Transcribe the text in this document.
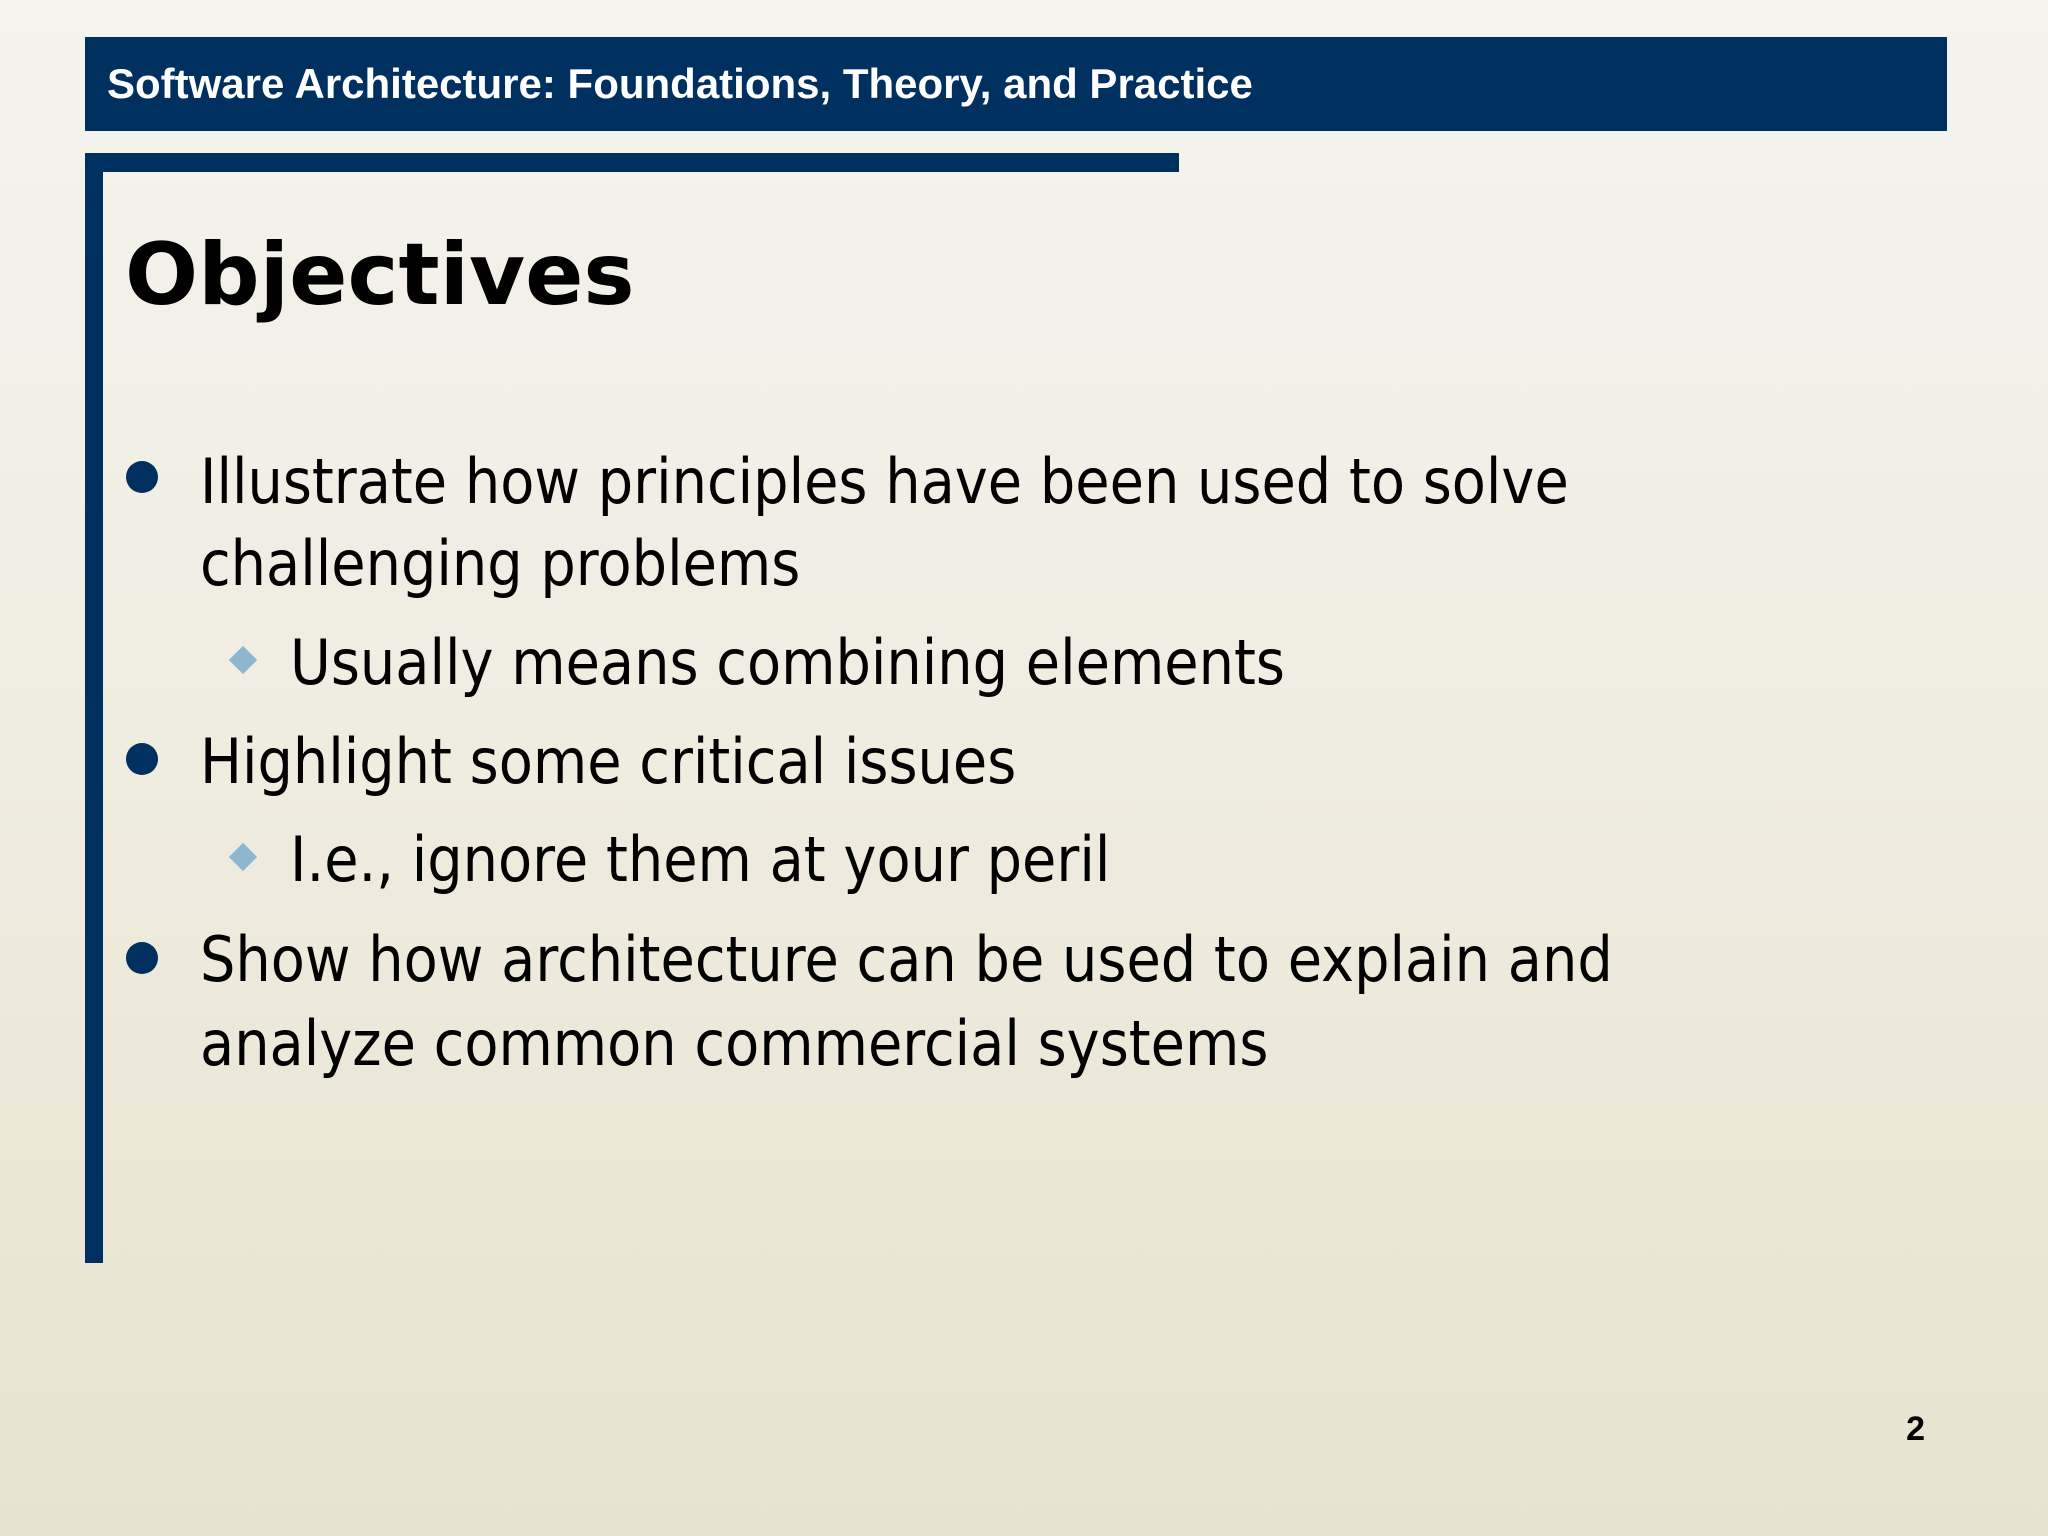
Software Architecture: Foundations, Theory, and Practice
Objectives
Illustrate how principles have been used to solve
challenging problems
Usually means combining elements
Highlight some critical issues
I.e., ignore them at your peril
Show how architecture can be used to explain and
analyze common commercial systems
2
